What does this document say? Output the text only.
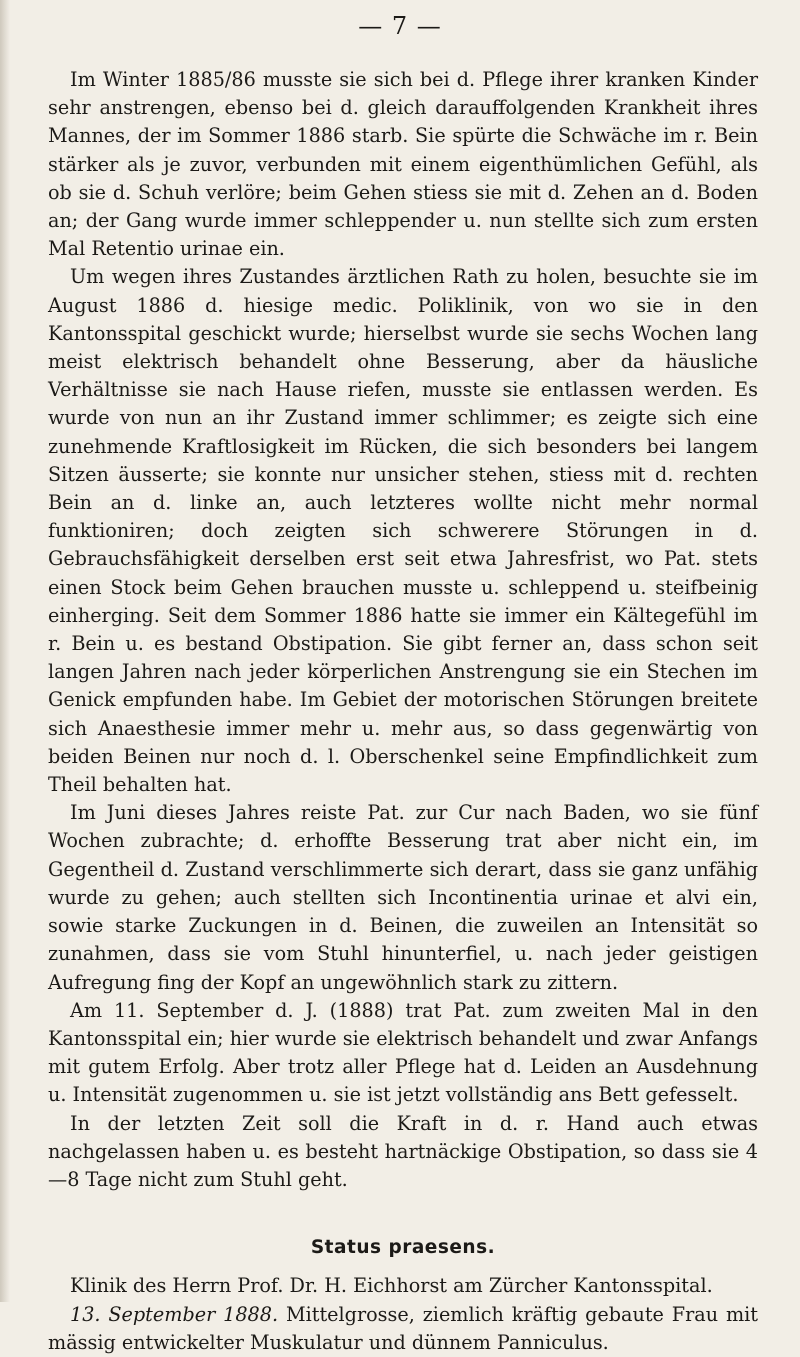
— 7 —

Im Winter 1885/86 musste sie sich bei d. Pflege ihrer kranken Kinder sehr anstrengen, ebenso bei d. gleich darauffolgenden Krankheit ihres Mannes, der im Sommer 1886 starb. Sie spürte die Schwäche im r. Bein stärker als je zuvor, verbunden mit einem eigenthümlichen Gefühl, als ob sie d. Schuh verlöre; beim Gehen stiess sie mit d. Zehen an d. Boden an; der Gang wurde immer schleppender u. nun stellte sich zum ersten Mal Retentio urinae ein.

Um wegen ihres Zustandes ärztlichen Rath zu holen, besuchte sie im August 1886 d. hiesige medic. Poliklinik, von wo sie in den Kantonsspital geschickt wurde; hierselbst wurde sie sechs Wochen lang meist elektrisch behandelt ohne Besserung, aber da häusliche Verhältnisse sie nach Hause riefen, musste sie entlassen werden. Es wurde von nun an ihr Zustand immer schlimmer; es zeigte sich eine zunehmende Kraftlosigkeit im Rücken, die sich besonders bei langem Sitzen äusserte; sie konnte nur unsicher stehen, stiess mit d. rechten Bein an d. linke an, auch letzteres wollte nicht mehr normal funktioniren; doch zeigten sich schwerere Störungen in d. Gebrauchsfähigkeit derselben erst seit etwa Jahresfrist, wo Pat. stets einen Stock beim Gehen brauchen musste u. schleppend u. steifbeinig einherging. Seit dem Sommer 1886 hatte sie immer ein Kältegefühl im r. Bein u. es bestand Obstipation. Sie gibt ferner an, dass schon seit langen Jahren nach jeder körperlichen Anstrengung sie ein Stechen im Genick empfunden habe. Im Gebiet der motorischen Störungen breitete sich Anaesthesie immer mehr u. mehr aus, so dass gegenwärtig von beiden Beinen nur noch d. l. Oberschenkel seine Empfindlichkeit zum Theil behalten hat.

Im Juni dieses Jahres reiste Pat. zur Cur nach Baden, wo sie fünf Wochen zubrachte; d. erhoffte Besserung trat aber nicht ein, im Gegentheil d. Zustand verschlimmerte sich derart, dass sie ganz unfähig wurde zu gehen; auch stellten sich Incontinentia urinae et alvi ein, sowie starke Zuckungen in d. Beinen, die zuweilen an Intensität so zunahmen, dass sie vom Stuhl hinunterfiel, u. nach jeder geistigen Aufregung fing der Kopf an ungewöhnlich stark zu zittern.

Am 11. September d. J. (1888) trat Pat. zum zweiten Mal in den Kantonsspital ein; hier wurde sie elektrisch behandelt und zwar Anfangs mit gutem Erfolg. Aber trotz aller Pflege hat d. Leiden an Ausdehnung u. Intensität zugenommen u. sie ist jetzt vollständig ans Bett gefesselt.

In der letzten Zeit soll die Kraft in d. r. Hand auch etwas nachgelassen haben u. es besteht hartnäckige Obstipation, so dass sie 4—8 Tage nicht zum Stuhl geht.

Status praesens.

Klinik des Herrn Prof. Dr. H. Eichhorst am Zürcher Kantonsspital.

13. September 1888. Mittelgrosse, ziemlich kräftig gebaute Frau mit mässig entwickelter Muskulatur und dünnem Panniculus.
